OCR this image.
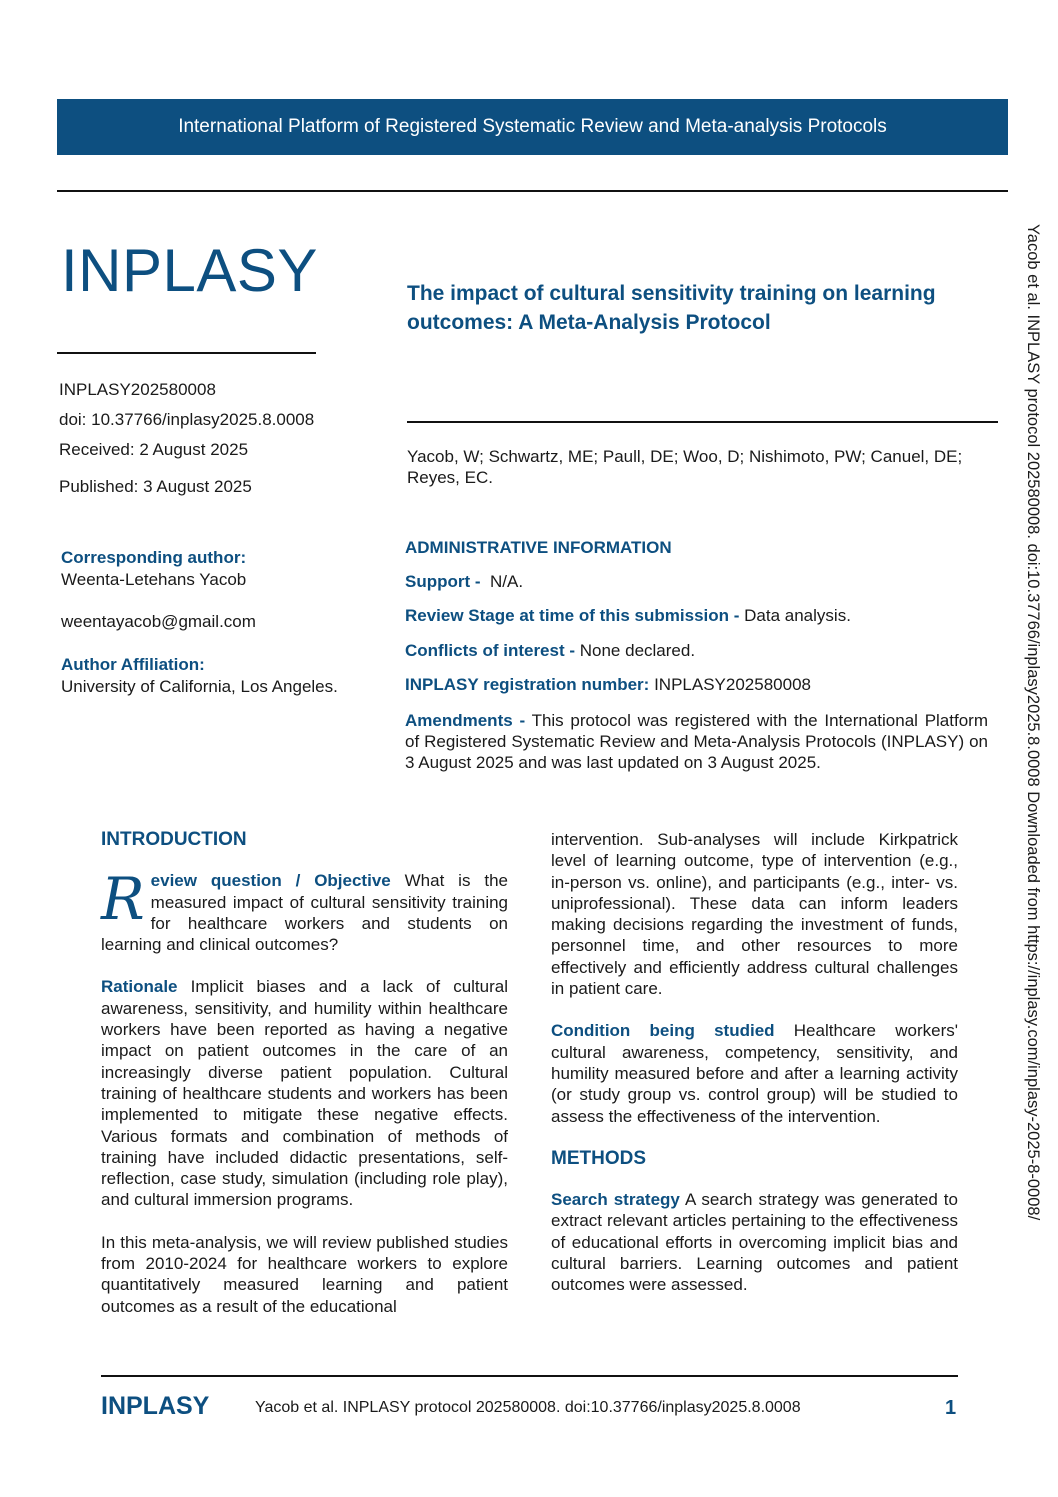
International Platform of Registered Systematic Review and Meta-analysis Protocols
INPLASY	The impact of cultural sensitivity training on learning outcomes: A Meta-Analysis Protocol
INPLASY202580008
doi: 10.37766/inplasy2025.8.0008
Received: 2 August 2025
Published: 3 August 2025
Yacob, W; Schwartz, ME; Paull, DE; Woo, D; Nishimoto, PW; Canuel, DE; Reyes, EC.
Corresponding author:
Weenta-Letehans Yacob
weentayacob@gmail.com
Author Affiliation:
University of California, Los Angeles.
ADMINISTRATIVE INFORMATION
Support - N/A.
Review Stage at time of this submission - Data analysis.
Conflicts of interest - None declared.
INPLASY registration number: INPLASY202580008
Amendments - This protocol was registered with the International Platform of Registered Systematic Review and Meta-Analysis Protocols (INPLASY) on 3 August 2025 and was last updated on 3 August 2025.
INTRODUCTION

R eview question / Objective What is the measured impact of cultural sensitivity training for healthcare workers and students on learning and clinical outcomes?

Rationale Implicit biases and a lack of cultural awareness, sensitivity, and humility within healthcare workers have been reported as having a negative impact on patient outcomes in the care of an increasingly diverse patient population. Cultural training of healthcare students and workers has been implemented to mitigate these negative effects. Various formats and combination of methods of training have included didactic presentations, self-reflection, case study, simulation (including role play), and cultural immersion programs.

In this meta-analysis, we will review published studies from 2010-2024 for healthcare workers to explore quantitatively measured learning and patient outcomes as a result of the educational

intervention. Sub-analyses will include Kirkpatrick level of learning outcome, type of intervention (e.g., in-person vs. online), and participants (e.g., inter- vs. uniprofessional). These data can inform leaders making decisions regarding the investment of funds, personnel time, and other resources to more effectively and efficiently address cultural challenges in patient care.

Condition being studied Healthcare workers' cultural awareness, competency, sensitivity, and humility measured before and after a learning activity (or study group vs. control group) will be studied to assess the effectiveness of the intervention.

METHODS

Search strategy A search strategy was generated to extract relevant articles pertaining to the effectiveness of educational efforts in overcoming implicit bias and cultural barriers. Learning outcomes and patient outcomes were assessed.

Yacob et al. INPLASY protocol 202580008. doi:10.37766/inplasy2025.8.0008 Downloaded from https://inplasy.com/inplasy-2025-8-0008/
INPLASY	Yacob et al. INPLASY protocol 202580008. doi:10.37766/inplasy2025.8.0008	1
